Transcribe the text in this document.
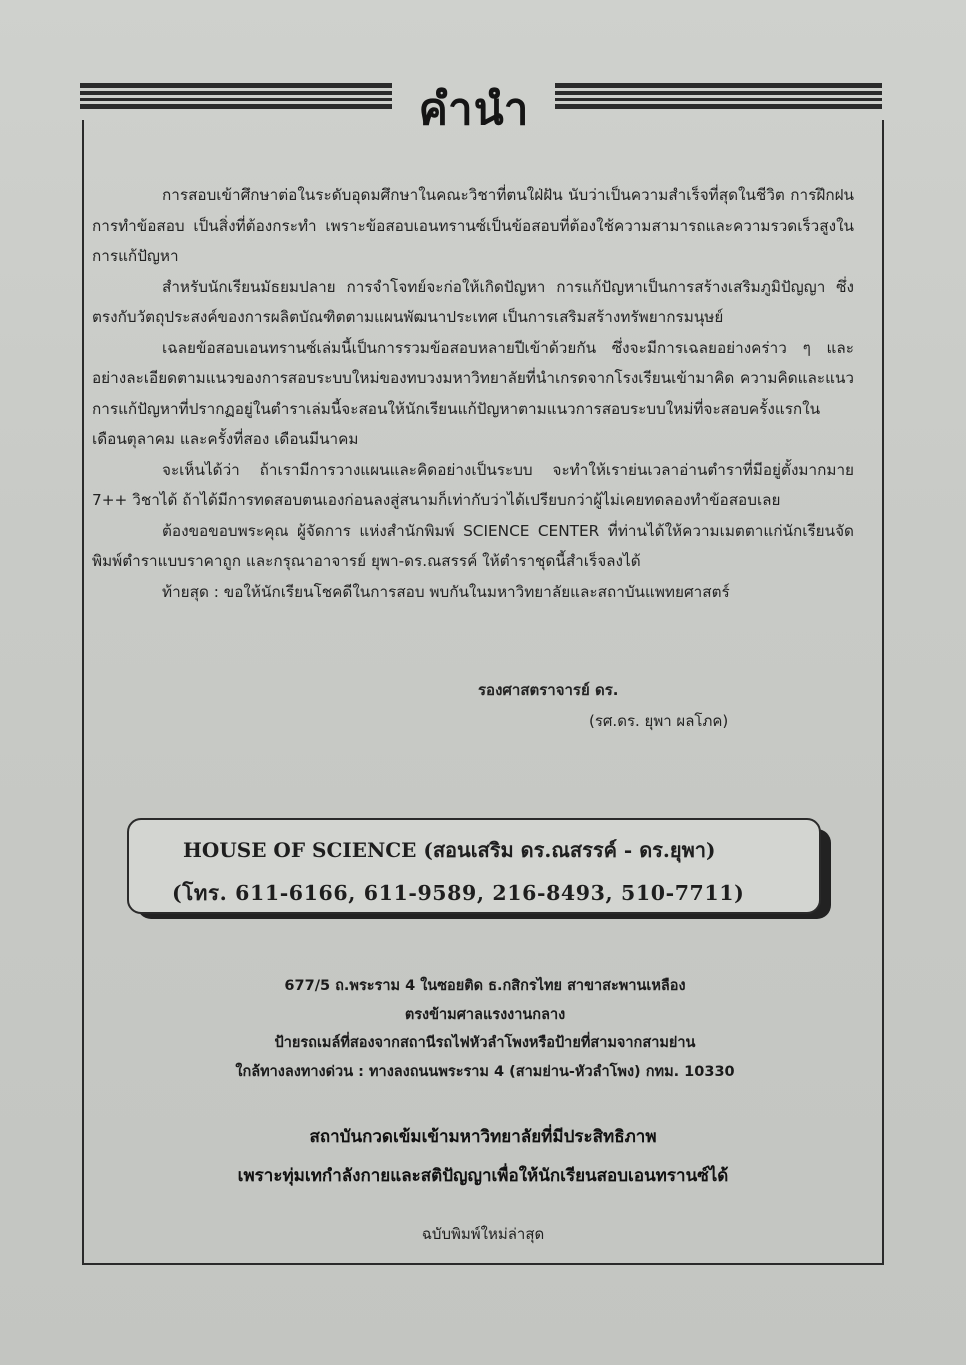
คำนำ

การสอบเข้าศึกษาต่อในระดับอุดมศึกษาในคณะวิชาที่ตนใฝ่ฝัน นับว่าเป็นความสำเร็จที่สุดในชีวิต การฝึกฝนการทำข้อสอบ เป็นสิ่งที่ต้องกระทำ เพราะข้อสอบเอนทรานซ์เป็นข้อสอบที่ต้องใช้ความสามารถและความรวดเร็วสูงในการแก้ปัญหา

สำหรับนักเรียนมัธยมปลาย การจำโจทย์จะก่อให้เกิดปัญหา การแก้ปัญหาเป็นการสร้างเสริมภูมิปัญญา ซึ่งตรงกับวัตถุประสงค์ของการผลิตบัณฑิตตามแผนพัฒนาประเทศ เป็นการเสริมสร้างทรัพยากรมนุษย์

เฉลยข้อสอบเอนทรานซ์เล่มนี้เป็นการรวมข้อสอบหลายปีเข้าด้วยกัน ซึ่งจะมีการเฉลยอย่างคร่าว ๆ และอย่างละเอียดตามแนวของการสอบระบบใหม่ของทบวงมหาวิทยาลัยที่นำเกรดจากโรงเรียนเข้ามาคิด ความคิดและแนวการแก้ปัญหาที่ปรากฏอยู่ในตำราเล่มนี้จะสอนให้นักเรียนแก้ปัญหาตามแนวการสอบระบบใหม่ที่จะสอบครั้งแรกในเดือนตุลาคม และครั้งที่สอง เดือนมีนาคม

จะเห็นได้ว่า ถ้าเรามีการวางแผนและคิดอย่างเป็นระบบ จะทำให้เราย่นเวลาอ่านตำราที่มีอยู่ตั้งมากมาย 7++ วิชาได้ ถ้าได้มีการทดสอบตนเองก่อนลงสู่สนามก็เท่ากับว่าได้เปรียบกว่าผู้ไม่เคยทดลองทำข้อสอบเลย

ต้องขอขอบพระคุณ ผู้จัดการ แห่งสำนักพิมพ์ SCIENCE CENTER ที่ท่านได้ให้ความเมตตาแก่นักเรียนจัดพิมพ์ตำราแบบราคาถูก และกรุณาอาจารย์ ยุพา-ดร.ณสรรค์ ให้ตำราชุดนี้สำเร็จลงได้

ท้ายสุด : ขอให้นักเรียนโชคดีในการสอบ พบกันในมหาวิทยาลัยและสถาบันแพทยศาสตร์

รองศาสตราจารย์ ดร.
(รศ.ดร. ยุพา ผลโภค)
HOUSE OF SCIENCE (สอนเสริม ดร.ณสรรค์ - ดร.ยุพา)
(โทร. 611-6166, 611-9589, 216-8493, 510-7711)
677/5 ถ.พระราม 4 ในซอยติด ธ.กสิกรไทย สาขาสะพานเหลือง
ตรงข้ามศาลแรงงานกลาง
ป้ายรถเมล์ที่สองจากสถานีรถไฟหัวลำโพงหรือป้ายที่สามจากสามย่าน
ใกล้ทางลงทางด่วน : ทางลงถนนพระราม 4 (สามย่าน-หัวลำโพง) กทม. 10330
สถาบันกวดเข้มเข้ามหาวิทยาลัยที่มีประสิทธิภาพ
เพราะทุ่มเทกำลังกายและสติปัญญาเพื่อให้นักเรียนสอบเอนทรานซ์ได้
ฉบับพิมพ์ใหม่ล่าสุด
